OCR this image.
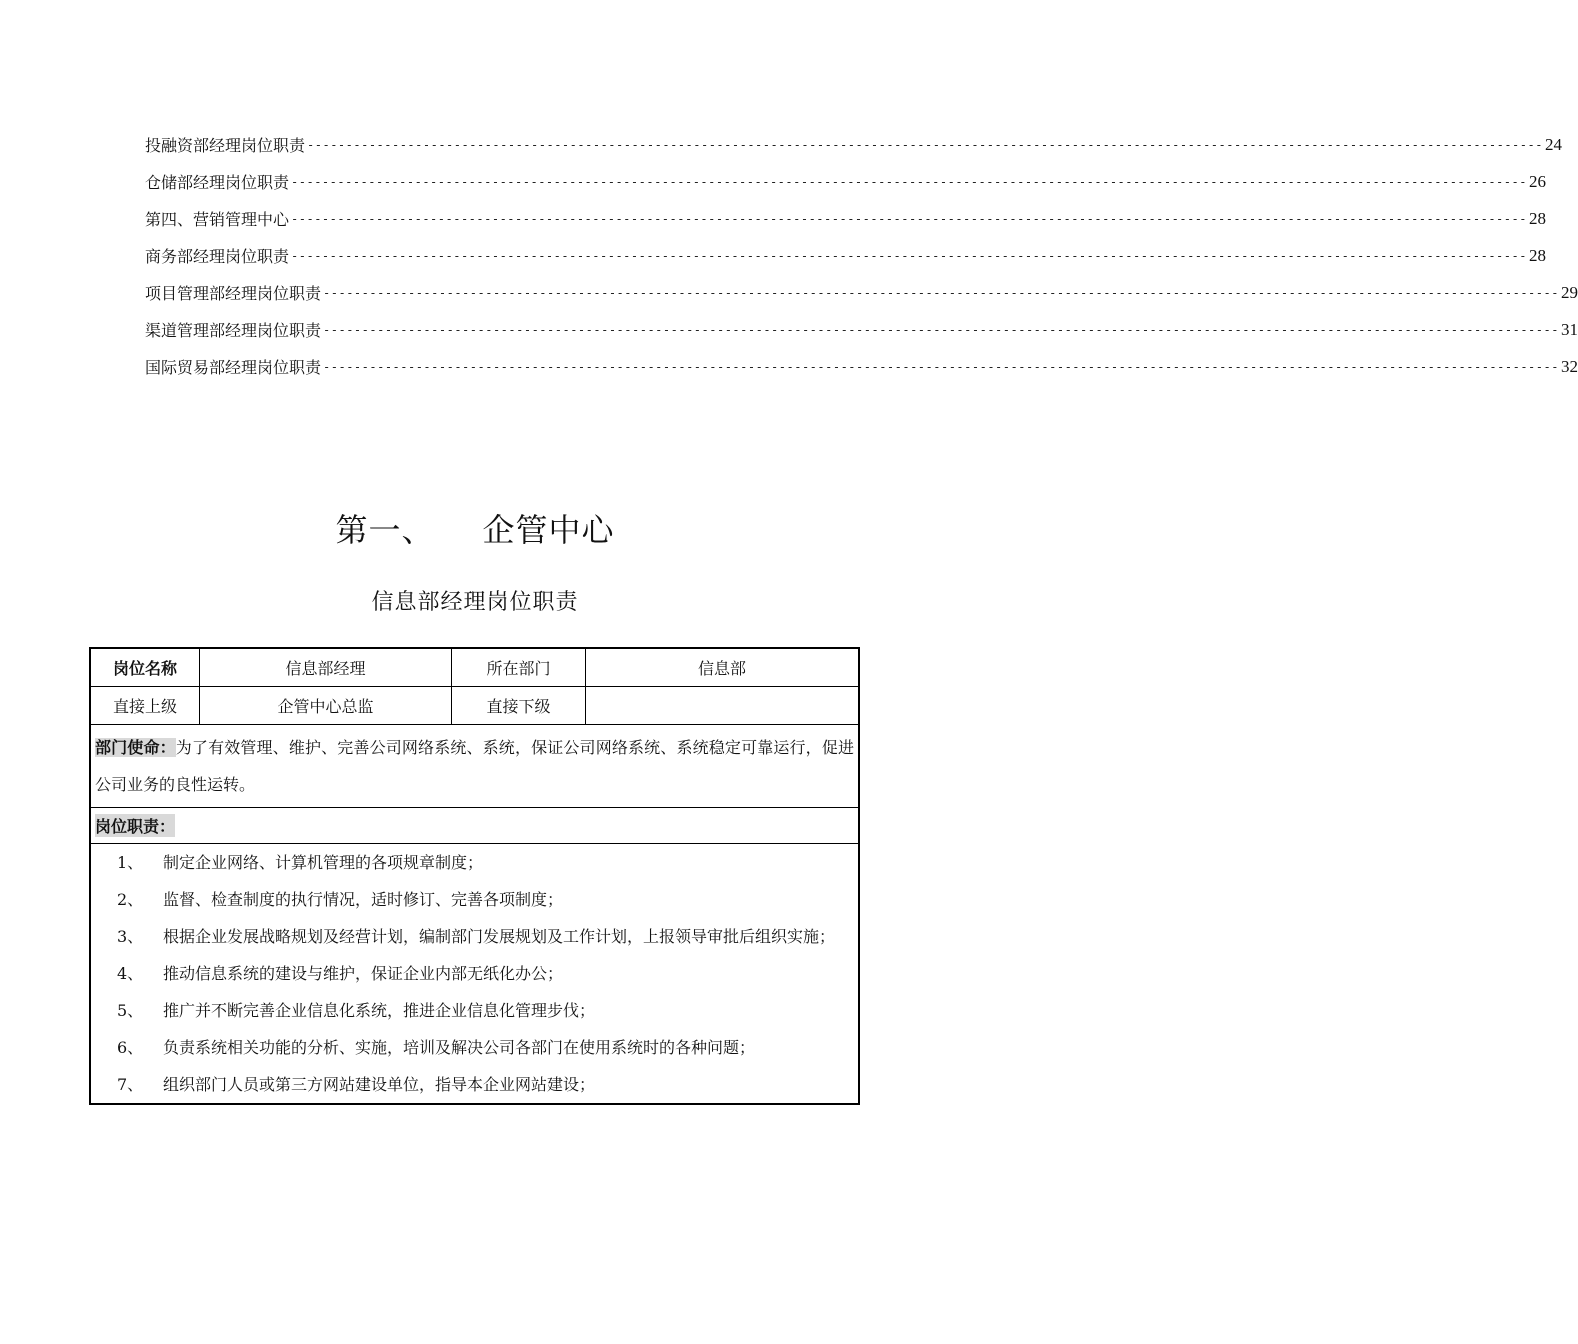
投融资部经理岗位职责 ---------------------------------------------------------------------------------------------------------------------------------------------------------------- 24
仓储部经理岗位职责 ---------------------------------------------------------------------------------------------------------------------------------------------------------------- 26
第四、营销管理中心 ---------------------------------------------------------------------------------------------------------------------------------------------------------------- 28
商务部经理岗位职责 ---------------------------------------------------------------------------------------------------------------------------------------------------------------- 28
项目管理部经理岗位职责 ---------------------------------------------------------------------------------------------------------------------------------------------------------------- 29
渠道管理部经理岗位职责 ---------------------------------------------------------------------------------------------------------------------------------------------------------------- 31
国际贸易部经理岗位职责 ---------------------------------------------------------------------------------------------------------------------------------------------------------------- 32
第一、 企管中心
信息部经理岗位职责
岗位名称	信息部经理	所在部门	信息部
直接上级	企管中心总监	直接下级
部门使命：为了有效管理、维护、完善公司网络系统、系统，保证公司网络系统、系统稳定可靠运行，促进公司业务的良性运转。
岗位职责：
1、	制定企业网络、计算机管理的各项规章制度；
2、	监督、检查制度的执行情况，适时修订、完善各项制度；
3、	根据企业发展战略规划及经营计划，编制部门发展规划及工作计划，上报领导审批后组织实施；
4、	推动信息系统的建设与维护，保证企业内部无纸化办公；
5、	推广并不断完善企业信息化系统，推进企业信息化管理步伐；
6、	负责系统相关功能的分析、实施，培训及解决公司各部门在使用系统时的各种问题；
7、	组织部门人员或第三方网站建设单位，指导本企业网站建设；
